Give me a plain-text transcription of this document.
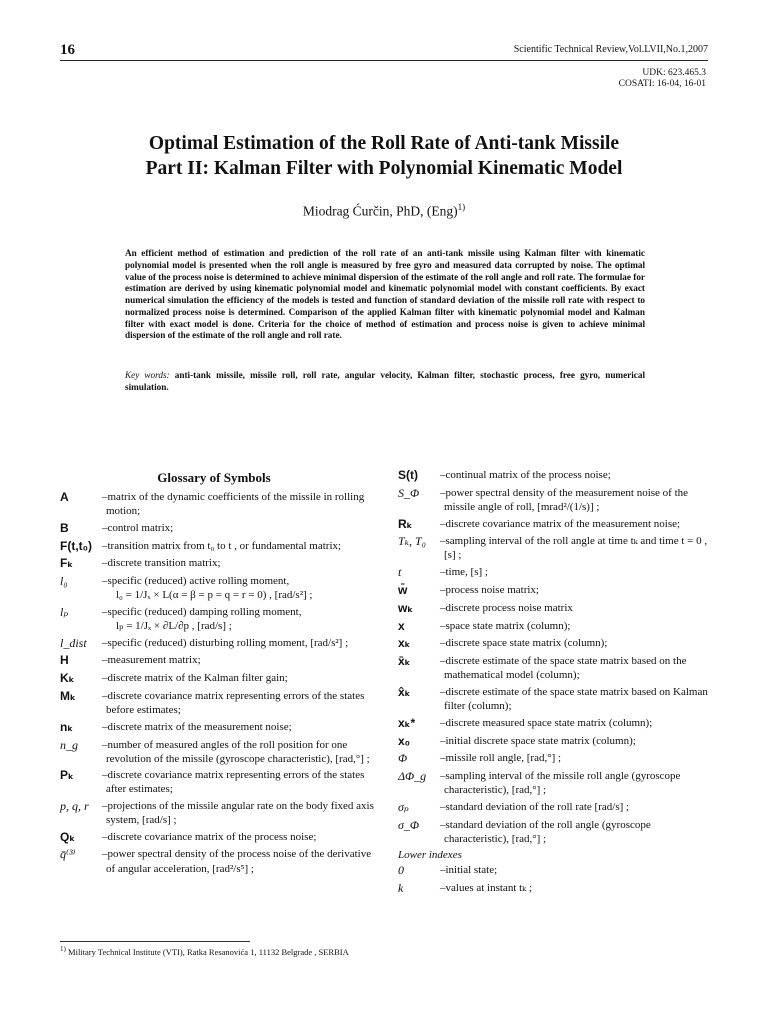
16	Scientific Technical Review,Vol.LVII,No.1,2007
UDK: 623.465.3
COSATI: 16-04, 16-01
Optimal Estimation of the Roll Rate of Anti-tank Missile
Part II: Kalman Filter with Polynomial Kinematic Model
Miodrag Ćurčin, PhD, (Eng)$^{1)}$
An efficient method of estimation and prediction of the roll rate of an anti-tank missile using Kalman filter with kinematic polynomial model is presented when the roll angle is measured by free gyro and measured data corrupted by noise. The optimal value of the process noise is determined to achieve minimal dispersion of the estimate of the roll angle and roll rate. The formulae for estimation are derived by using kinematic polynomial model and kinematic polynomial model with constant coefficients. By exact numerical simulation the efficiency of the models is tested and function of standard deviation of the missile roll rate with respect to normalized process noise is determined. Comparison of the applied Kalman filter with kinematic polynomial model and Kalman filter with exact model is done. Criteria for the choice of method of estimation and process noise is given to achieve minimal dispersion of the estimate of the roll angle and roll rate.
Key words: anti-tank missile, missile roll, roll rate, angular velocity, Kalman filter, stochastic process, free gyro, numerical simulation.
Glossary of Symbols
A	–matrix of the dynamic coefficients of the missile in rolling motion;
B	–control matrix;
F(t,t₀) –transition matrix from t₀ to t , or fundamental matrix;
Fₖ	–discrete transition matrix;
l₀	–specific (reduced) active rolling moment,
l₀ = 1/Jₓ × L(α = β = p = q = r = 0) , [rad/s²] ;
lₚ	–specific (reduced) damping rolling moment,
lₚ = 1/Jₓ × ∂L/∂p , [rad/s] ;
l_dist	–specific (reduced) disturbing rolling moment, [rad/s²] ;
H	–measurement matrix;
Kₖ	–discrete matrix of the Kalman filter gain;
Mₖ	–discrete covariance matrix representing errors of the states before estimates;
nₖ	–discrete matrix of the measurement noise;
n_g	–number of measured angles of the roll position for one revolution of the missile (gyroscope characteristic), [rad,°] ;
Pₖ	–discrete covariance matrix representing errors of the states after estimates;
p, q, r	–projections of the missile angular rate on the body fixed axis system, [rad/s] ;
Qₖ	–discrete covariance matrix of the process noise;
q̄⁽³⁾	–power spectral density of the process noise of the derivative of angular acceleration, [rad²/s⁵] ;
S(t)	–continual matrix of the process noise;
S_Φ	–power spectral density of the measurement noise of the missile angle of roll, [mrad²/(1/s)] ;
Rₖ	–discrete covariance matrix of the measurement noise;
Tₖ, T₀	–sampling interval of the roll angle at time tₖ and time t = 0 , [s] ;
t	–time, [s] ;
w̄	–process noise matrix;
wₖ	–discrete process noise matrix
x	–space state matrix (column);
xₖ	–discrete space state matrix (column);
x̄ₖ	–discrete estimate of the space state matrix based on the mathematical model (column);
x̂ₖ	–discrete estimate of the space state matrix based on Kalman filter (column);
xₖ*	–discrete measured space state matrix (column);
x₀	–initial discrete space state matrix (column);
Φ	–missile roll angle, [rad,°] ;
ΔΦ_g	–sampling interval of the missile roll angle (gyroscope characteristic), [rad,°] ;
σₚ	–standard deviation of the roll rate [rad/s] ;
σ_Φ	–standard deviation of the roll angle (gyroscope characteristic), [rad,°] ;
Lower indexes
0	–initial state;
k	–values at instant tₖ ;
$^{1)}$ Military Technical Institute (VTI), Ratka Resanovića 1, 11132 Belgrade , SERBIA
